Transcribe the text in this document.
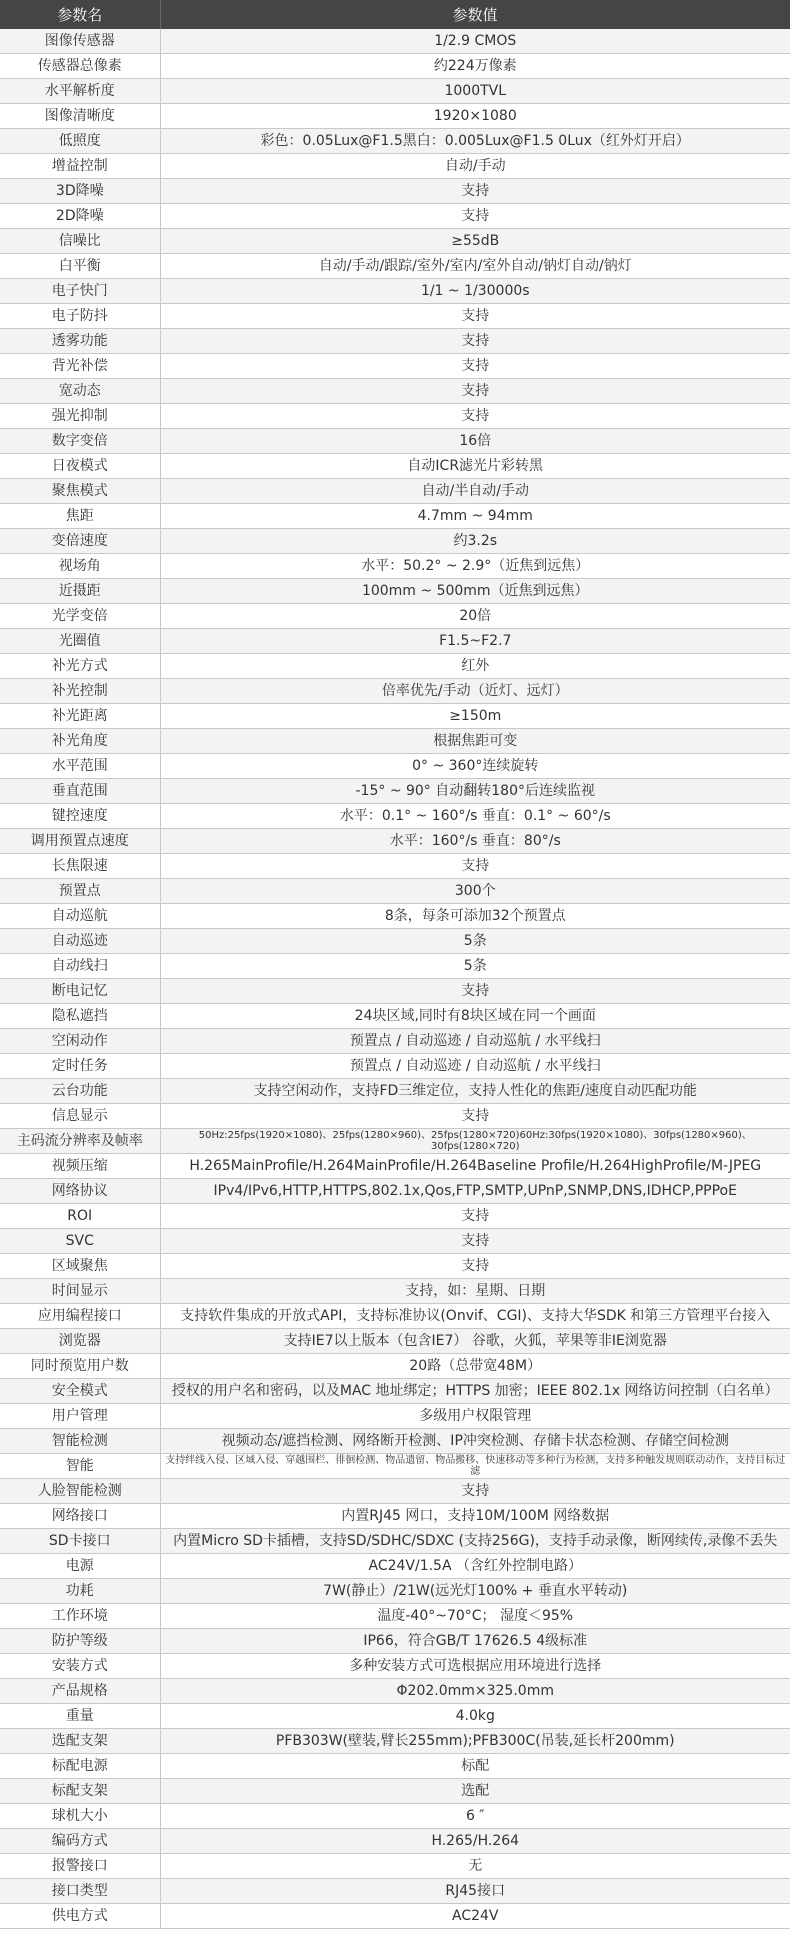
参数名	参数值
图像传感器	1/2.9 CMOS
传感器总像素	约224万像素
水平解析度	1000TVL
图像清晰度	1920×1080
低照度	彩色：0.05Lux@F1.5黑白：0.005Lux@F1.5 0Lux（红外灯开启）
增益控制	自动/手动
3D降噪	支持
2D降噪	支持
信噪比	≥55dB
白平衡	自动/手动/跟踪/室外/室内/室外自动/钠灯自动/钠灯
电子快门	1/1 ~ 1/30000s
电子防抖	支持
透雾功能	支持
背光补偿	支持
宽动态	支持
强光抑制	支持
数字变倍	16倍
日夜模式	自动ICR滤光片彩转黑
聚焦模式	自动/半自动/手动
焦距	4.7mm ~ 94mm
变倍速度	约3.2s
视场角	水平：50.2° ~ 2.9°（近焦到远焦）
近摄距	100mm ~ 500mm（近焦到远焦）
光学变倍	20倍
光圈值	F1.5~F2.7
补光方式	红外
补光控制	倍率优先/手动（近灯、远灯）
补光距离	≥150m
补光角度	根据焦距可变
水平范围	0° ~ 360°连续旋转
垂直范围	-15° ~ 90° 自动翻转180°后连续监视
键控速度	水平：0.1° ~ 160°/s 垂直：0.1° ~ 60°/s
调用预置点速度	水平：160°/s 垂直：80°/s
长焦限速	支持
预置点	300个
自动巡航	8条，每条可添加32个预置点
自动巡迹	5条
自动线扫	5条
断电记忆	支持
隐私遮挡	24块区域,同时有8块区域在同一个画面
空闲动作	预置点 / 自动巡迹 / 自动巡航 / 水平线扫
定时任务	预置点 / 自动巡迹 / 自动巡航 / 水平线扫
云台功能	支持空闲动作，支持FD三维定位，支持人性化的焦距/速度自动匹配功能
信息显示	支持
主码流分辨率及帧率	50Hz:25fps(1920×1080)、25fps(1280×960)、25fps(1280×720)60Hz:30fps(1920×1080)、30fps(1280×960)、30fps(1280×720)
视频压缩	H.265MainProfile/H.264MainProfile/H.264Baseline Profile/H.264HighProfile/M-JPEG
网络协议	IPv4/IPv6,HTTP,HTTPS,802.1x,Qos,FTP,SMTP,UPnP,SNMP,DNS,IDHCP,PPPoE
ROI	支持
SVC	支持
区域聚焦	支持
时间显示	支持，如：星期、日期
应用编程接口	支持软件集成的开放式API，支持标准协议(Onvif、CGI)、支持大华SDK 和第三方管理平台接入
浏览器	支持IE7以上版本（包含IE7） 谷歌，火狐，苹果等非IE浏览器
同时预览用户数	20路（总带宽48M）
安全模式	授权的用户名和密码，以及MAC 地址绑定；HTTPS 加密；IEEE 802.1x 网络访问控制（白名单）
用户管理	多级用户权限管理
智能检测	视频动态/遮挡检测、网络断开检测、IP冲突检测、存储卡状态检测、存储空间检测
智能	支持绊线入侵、区域入侵、穿越围栏、徘徊检测、物品遗留、物品搬移、快速移动等多种行为检测，支持多种触发规则联动动作，支持目标过滤
人脸智能检测	支持
网络接口	内置RJ45 网口，支持10M/100M 网络数据
SD卡接口	内置Micro SD卡插槽，支持SD/SDHC/SDXC (支持256G)，支持手动录像，断网续传,录像不丢失
电源	AC24V/1.5A （含红外控制电路）
功耗	7W(静止）/21W(远光灯100% + 垂直水平转动)
工作环境	温度-40°~70°C； 湿度＜95%
防护等级	IP66，符合GB/T 17626.5 4级标准
安装方式	多种安装方式可选根据应用环境进行选择
产品规格	Φ202.0mm×325.0mm
重量	4.0kg
选配支架	PFB303W(壁装,臂长255mm);PFB300C(吊装,延长杆200mm)
标配电源	标配
标配支架	选配
球机大小	6 ″
编码方式	H.265/H.264
报警接口	无
接口类型	RJ45接口
供电方式	AC24V
